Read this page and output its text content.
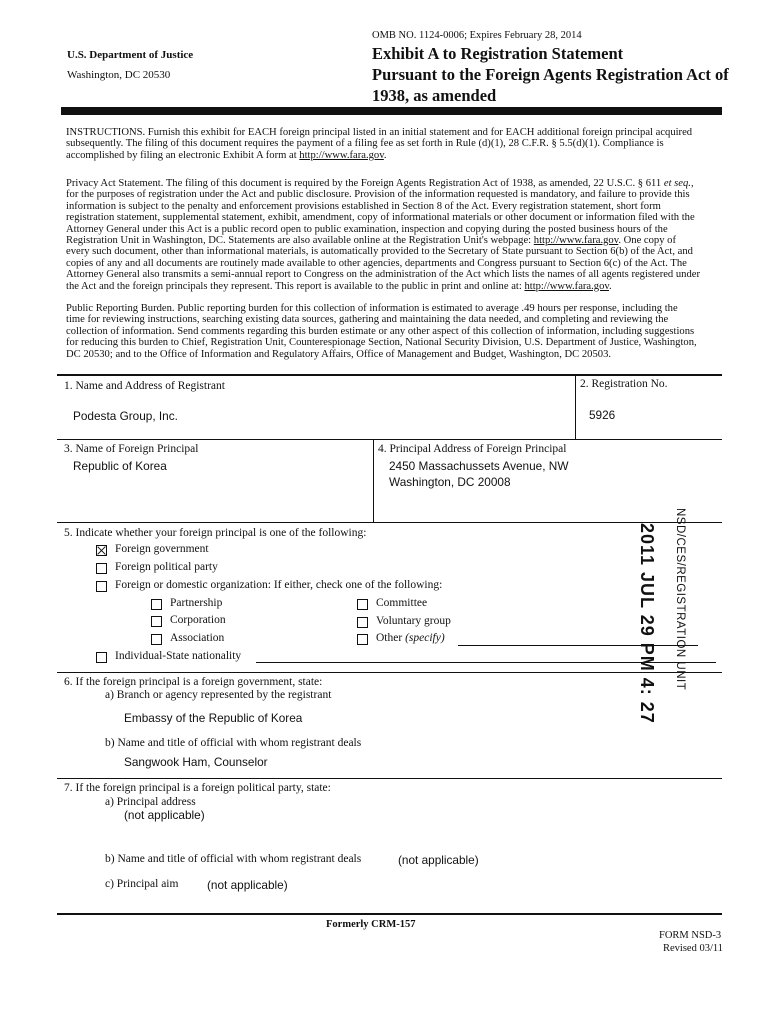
OMB NO. 1124-0006; Expires February 28, 2014
U.S. Department of Justice
Washington, DC 20530
Exhibit A to Registration Statement
Pursuant to the Foreign Agents Registration Act of
1938, as amended
INSTRUCTIONS. Furnish this exhibit for EACH foreign principal listed in an initial statement and for EACH additional foreign principal acquired
subsequently. The filing of this document requires the payment of a filing fee as set forth in Rule (d)(1), 28 C.F.R. § 5.5(d)(1). Compliance is
accomplished by filing an electronic Exhibit A form at http://www.fara.gov.
Privacy Act Statement. The filing of this document is required by the Foreign Agents Registration Act of 1938, as amended, 22 U.S.C. § 611 et seq.,
for the purposes of registration under the Act and public disclosure. Provision of the information requested is mandatory, and failure to provide this
information is subject to the penalty and enforcement provisions established in Section 8 of the Act. Every registration statement, short form
registration statement, supplemental statement, exhibit, amendment, copy of informational materials or other document or information filed with the
Attorney General under this Act is a public record open to public examination, inspection and copying during the posted business hours of the
Registration Unit in Washington, DC. Statements are also available online at the Registration Unit's webpage: http://www.fara.gov. One copy of
every such document, other than informational materials, is automatically provided to the Secretary of State pursuant to Section 6(b) of the Act, and
copies of any and all documents are routinely made available to other agencies, departments and Congress pursuant to Section 6(c) of the Act. The
Attorney General also transmits a semi-annual report to Congress on the administration of the Act which lists the names of all agents registered under
the Act and the foreign principals they represent. This report is available to the public in print and online at: http://www.fara.gov.
Public Reporting Burden. Public reporting burden for this collection of information is estimated to average .49 hours per response, including the
time for reviewing instructions, searching existing data sources, gathering and maintaining the data needed, and completing and reviewing the
collection of information. Send comments regarding this burden estimate or any other aspect of this collection of information, including suggestions
for reducing this burden to Chief, Registration Unit, Counterespionage Section, National Security Division, U.S. Department of Justice, Washington,
DC 20530; and to the Office of Information and Regulatory Affairs, Office of Management and Budget, Washington, DC 20503.
1. Name and Address of Registrant
Podesta Group, Inc.
2. Registration No.
5926
3. Name of Foreign Principal
Republic of Korea
4. Principal Address of Foreign Principal
2450 Massachussets Avenue, NW
Washington, DC 20008
5. Indicate whether your foreign principal is one of the following:
Foreign government
Foreign political party
Foreign or domestic organization: If either, check one of the following:
Partnership
Corporation
Association
Committee
Voluntary group
Other (specify)
Individual-State nationality	2011 JUL 29 PM 4: 27 NSD/CES/REGISTRATION UNIT
6. If the foreign principal is a foreign government, state:
a) Branch or agency represented by the registrant
Embassy of the Republic of Korea
b) Name and title of official with whom registrant deals
Sangwook Ham, Counselor
7. If the foreign principal is a foreign political party, state:
a) Principal address
(not applicable)
b) Name and title of official with whom registrant deals	(not applicable)
c) Principal aim (not applicable)
Formerly CRM-157
FORM NSD-3
Revised 03/11
